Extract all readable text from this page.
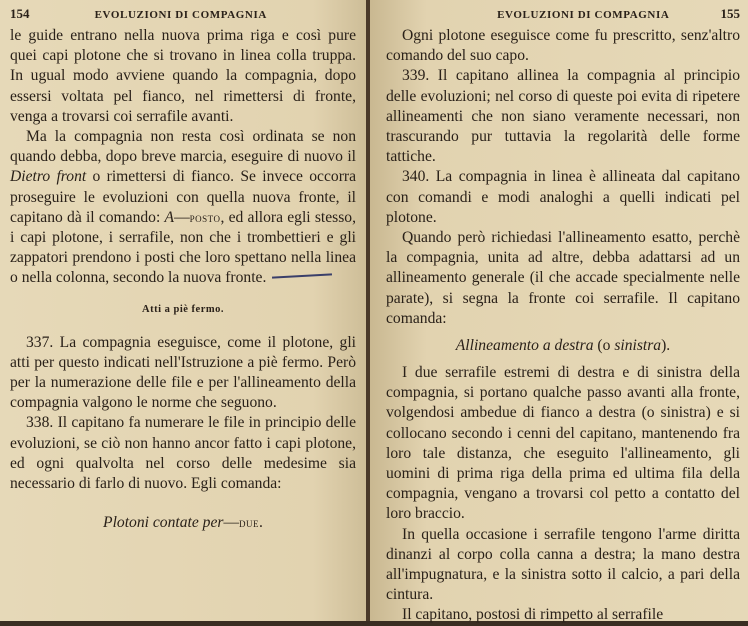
154	EVOLUZIONI DI COMPAGNIA

le guide entrano nella nuova prima riga e così pure quei capi plotone che si trovano in linea colla truppa. In ugual modo avviene quando la compagnia, dopo essersi voltata pel fianco, nel rimettersi di fronte, venga a trovarsi coi serrafile avanti.

Ma la compagnia non resta così ordinata se non quando debba, dopo breve marcia, eseguire di nuovo il Dietro front o rimettersi di fianco. Se invece occorra proseguire le evoluzioni con quella nuova fronte, il capitano dà il comando: A—posto, ed allora egli stesso, i capi plotone, i serrafile, non che i trombettieri e gli zappatori prendono i posti che loro spettano nella linea o nella colonna, secondo la nuova fronte.

Atti a piè fermo.

337. La compagnia eseguisce, come il plotone, gli atti per questo indicati nell'Istruzione a piè fermo. Però per la numerazione delle file e per l'allineamento della compagnia valgono le norme che seguono.

338. Il capitano fa numerare le file in principio delle evoluzioni, se ciò non hanno ancor fatto i capi plotone, ed ogni qualvolta nel corso delle medesime sia necessario di farlo di nuovo. Egli comanda:

Plotoni contate per—due.
EVOLUZIONI DI COMPAGNIA	155

Ogni plotone eseguisce come fu prescritto, senz'altro comando del suo capo.

339. Il capitano allinea la compagnia al principio delle evoluzioni; nel corso di queste poi evita di ripetere allineamenti che non siano veramente necessari, non trascurando pur tuttavia la regolarità delle forme tattiche.

340. La compagnia in linea è allineata dal capitano con comandi e modi analoghi a quelli indicati pel plotone.

Quando però richiedasi l'allineamento esatto, perchè la compagnia, unita ad altre, debba adattarsi ad un allineamento generale (il che accade specialmente nelle parate), si segna la fronte coi serrafile. Il capitano comanda:

Allineamento a destra (o sinistra).

I due serrafile estremi di destra e di sinistra della compagnia, si portano qualche passo avanti alla fronte, volgendosi ambedue di fianco a destra (o sinistra) e si collocano secondo i cenni del capitano, mantenendo fra loro tale distanza, che eseguito l'allineamento, gli uomini di prima riga della prima ed ultima fila della compagnia, vengano a trovarsi col petto a contatto del loro braccio.

In quella occasione i serrafile tengono l'arme diritta dinanzi al corpo colla canna a destra; la mano destra all'impugnatura, e la sinistra sotto il calcio, a pari della cintura.

Il capitano, postosi di rimpetto al serrafile
